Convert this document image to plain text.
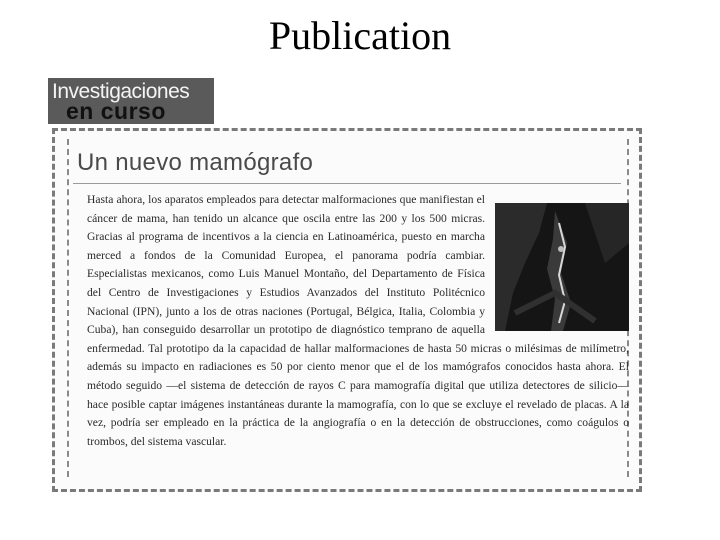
Publication
Investigaciones
en curso
Un nuevo mamógrafo
Hasta ahora, los aparatos empleados para detectar malformaciones que manifiestan el cáncer de mama, han tenido un alcance que oscila entre las 200 y los 500 micras. Gracias al programa de incentivos a la ciencia en Latinoamérica, puesto en marcha merced a fondos de la Comunidad Europea, el panorama podría cambiar. Especialistas mexicanos, como Luis Manuel Montaño, del Departamento de Física del Centro de Investigaciones y Estudios Avanzados del Instituto Politécnico Nacional (IPN), junto a los de otras naciones (Portugal, Bélgica, Italia, Colombia y Cuba), han conseguido desarrollar un prototipo de diagnóstico temprano de aquella enfermedad. Tal prototipo da la capacidad de hallar malformaciones de hasta 50 micras o milésimas de milímetro, además su impacto en radiaciones es 50 por ciento menor que el de los mamógrafos conocidos hasta ahora. El método seguido —el sistema de detección de rayos C para mamografía digital que utiliza detectores de silicio— hace posible captar imágenes instantáneas durante la mamografía, con lo que se excluye el revelado de placas. A la vez, podría ser empleado en la práctica de la angiografía o en la detección de obstrucciones, como coágulos o trombos, del sistema vascular.
